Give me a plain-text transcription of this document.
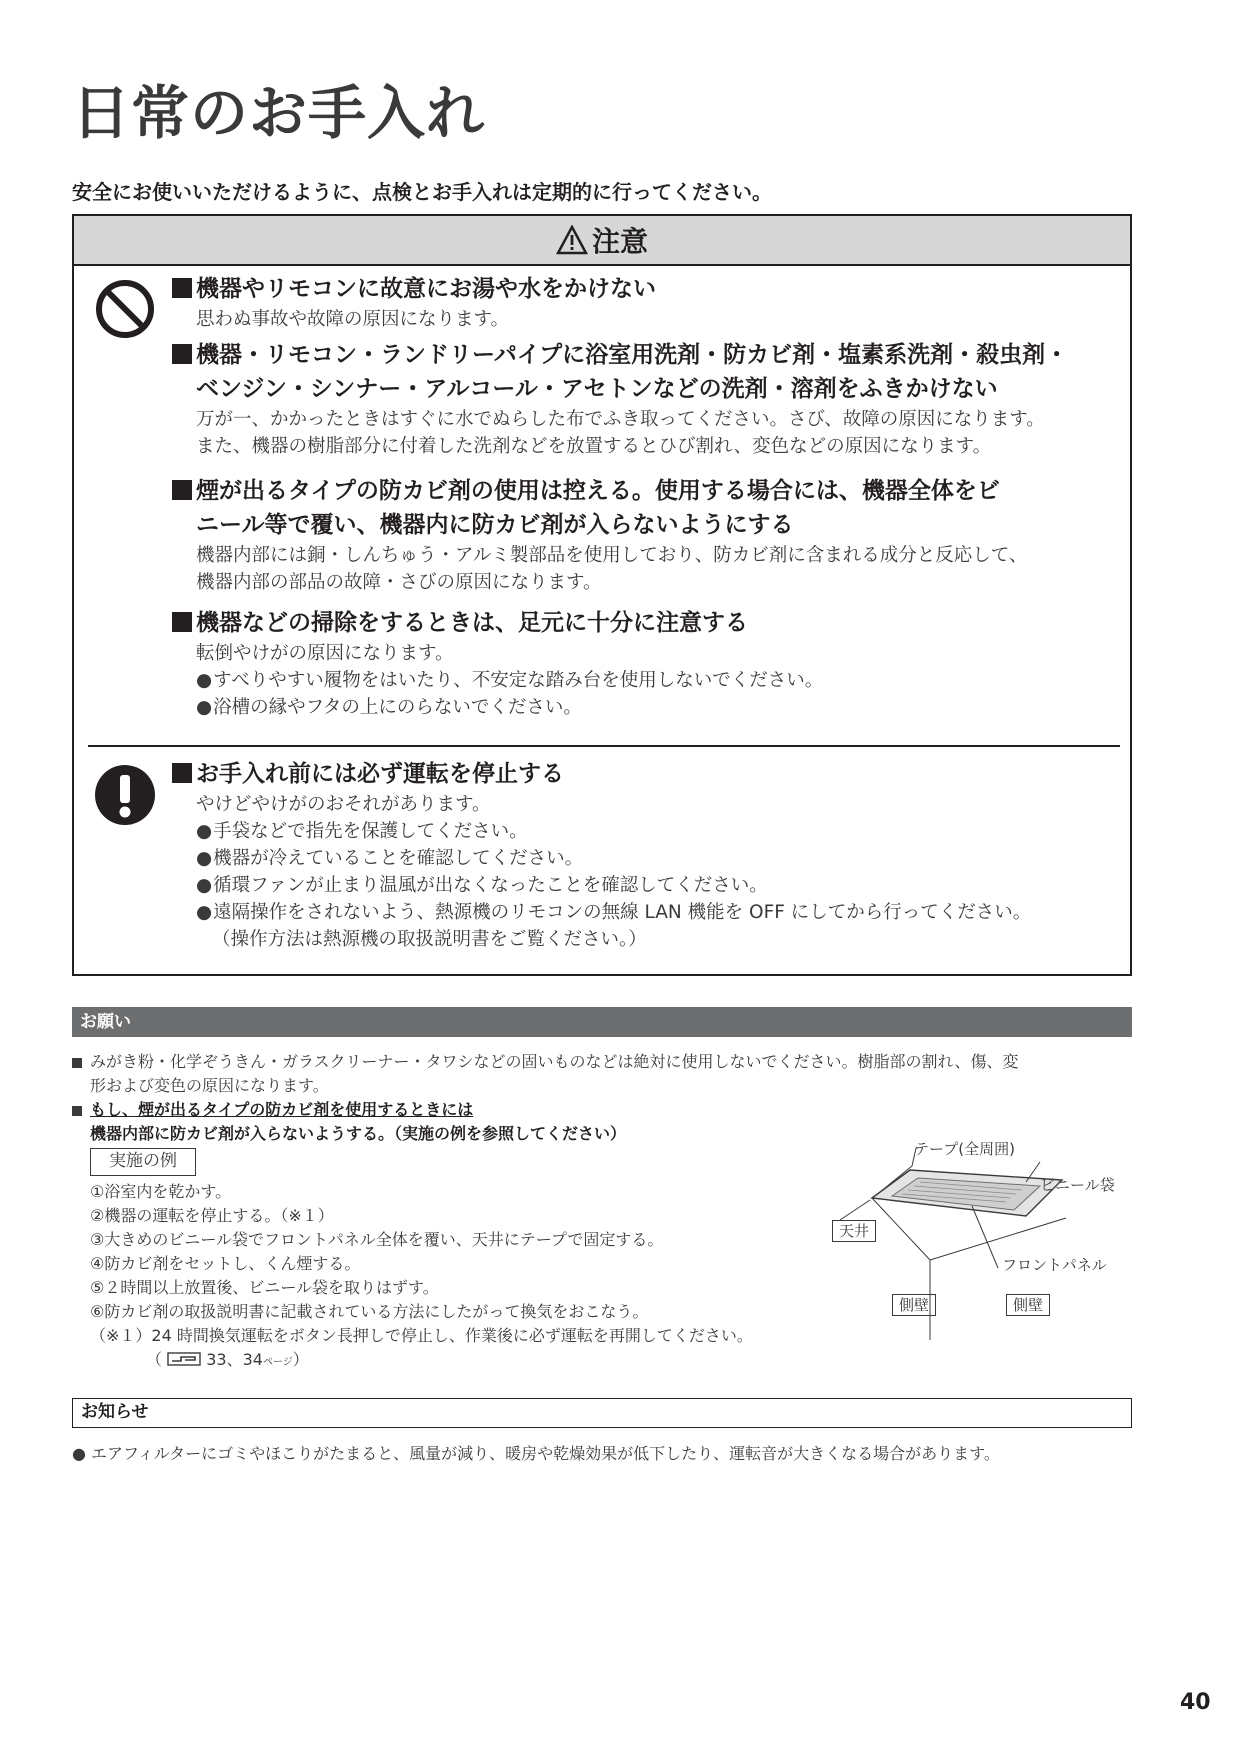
日常のお手入れ
安全にお使いいただけるように、点検とお手入れは定期的に行ってください。
注意
機器やリモコンに故意にお湯や水をかけない
思わぬ事故や故障の原因になります。
機器・リモコン・ランドリーパイプに浴室用洗剤・防カビ剤・塩素系洗剤・殺虫剤・
ベンジン・シンナー・アルコール・アセトンなどの洗剤・溶剤をふきかけない
万が一、かかったときはすぐに水でぬらした布でふき取ってください。さび、故障の原因になります。
また、機器の樹脂部分に付着した洗剤などを放置するとひび割れ、変色などの原因になります。
煙が出るタイプの防カビ剤の使用は控える。使用する場合には、機器全体をビ
ニール等で覆い、機器内に防カビ剤が入らないようにする
機器内部には銅・しんちゅう・アルミ製部品を使用しており、防カビ剤に含まれる成分と反応して、
機器内部の部品の故障・さびの原因になります。
機器などの掃除をするときは、足元に十分に注意する
転倒やけがの原因になります。
● すべりやすい履物をはいたり、不安定な踏み台を使用しないでください。
● 浴槽の縁やフタの上にのらないでください。
お手入れ前には必ず運転を停止する
やけどやけがのおそれがあります。
● 手袋などで指先を保護してください。
● 機器が冷えていることを確認してください。
● 循環ファンが止まり温風が出なくなったことを確認してください。
● 遠隔操作をされないよう、熱源機のリモコンの無線 LAN 機能を OFF にしてから行ってください。
（操作方法は熱源機の取扱説明書をご覧ください。）
お願い
みがき粉・化学ぞうきん・ガラスクリーナー・タワシなどの固いものなどは絶対に使用しないでください。樹脂部の割れ、傷、変
形および変色の原因になります。
もし、煙が出るタイプの防カビ剤を使用するときには
機器内部に防カビ剤が入らないようする。（実施の例を参照してください）
実施の例
①浴室内を乾かす。
②機器の運転を停止する。（※１）
③大きめのビニール袋でフロントパネル全体を覆い、天井にテープで固定する。
④防カビ剤をセットし、くん煙する。
⑤２時間以上放置後、ビニール袋を取りはずす。
⑥防カビ剤の取扱説明書に記載されている方法にしたがって換気をおこなう。
（※１）24 時間換気運転をボタン長押しで停止し、作業後に必ず運転を再開してください。
（	33、34ページ）
テープ(全周囲)
ビニール袋
天井
フロントパネル
側壁	側壁
お知らせ
● エアフィルターにゴミやほこりがたまると、風量が減り、暖房や乾燥効果が低下したり、運転音が大きくなる場合があります。
40
